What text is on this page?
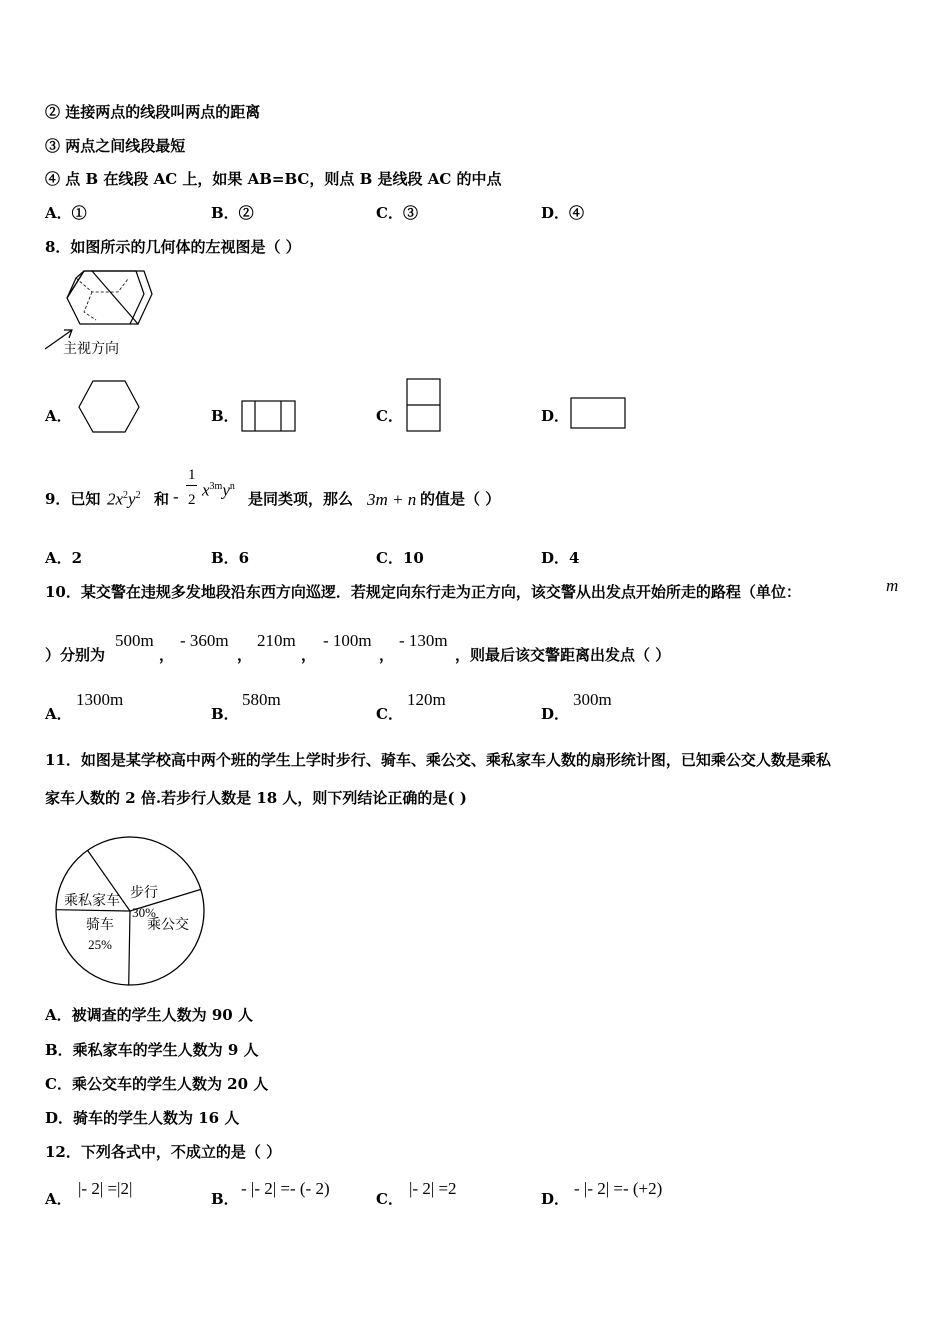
② 连接两点的线段叫两点的距离
③ 两点之间线段最短
④ 点 B 在线段 AC 上，如果 AB=BC，则点 B 是线段 AC 的中点
A．①	B．②	C．③	D．④
8．如图所示的几何体的左视图是（ ）
主视方向
A．	B．	C．	D．
9．已知 $2x^2y^2$ 和 -
1
2
$x^{3m}y^n$
是同类项，那么 3m + n 的值是（ ）
A．2	B．6	C．10	D．4
10．某交警在违规多发地段沿东西方向巡逻．若规定向东行走为正方向，该交警从出发点开始所走的路程（单位：	m
）分别为
500m
，
- 360m
，
210m
，
- 100m
，
- 130m
，则最后该交警距离出发点（ ）
A．
1300m
B．
580m
C．
120m
D．
300m
11．如图是某学校高中两个班的学生上学时步行、骑车、乘公交、乘私家车人数的扇形统计图，已知乘公交人数是乘私
家车人数的 2 倍.若步行人数是 18 人，则下列结论正确的是( )
步行
30%
乘公交
骑车
25%
乘私家车
A．被调查的学生人数为 90 人
B．乘私家车的学生人数为 9 人
C．乘公交车的学生人数为 20 人
D．骑车的学生人数为 16 人
12．下列各式中，不成立的是（ ）
A．
|- 2| =|2|
B．
- |- 2| =- (- 2)
C．
|- 2| =2
D．
- |- 2| =- (+2)
